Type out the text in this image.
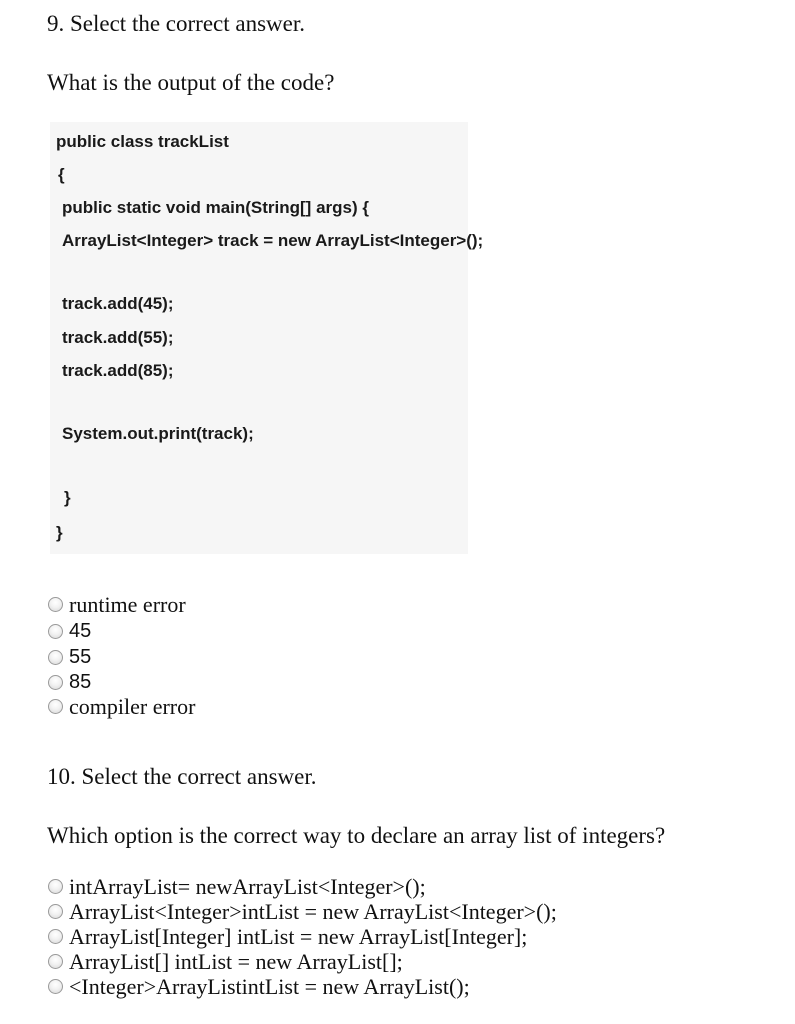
9. Select the correct answer.
What is the output of the code?
public class trackList
{
public static void main(String[] args) {
ArrayList<Integer> track = new ArrayList<Integer>();
track.add(45);
track.add(55);
track.add(85);
System.out.print(track);
}
}
runtime error
45
55
85
compiler error
10. Select the correct answer.
Which option is the correct way to declare an array list of integers?
intArrayList= newArrayList<Integer>();
ArrayList<Integer>intList = new ArrayList<Integer>();
ArrayList[Integer] intList = new ArrayList[Integer];
ArrayList[] intList = new ArrayList[];
<Integer>ArrayListintList = new ArrayList();
